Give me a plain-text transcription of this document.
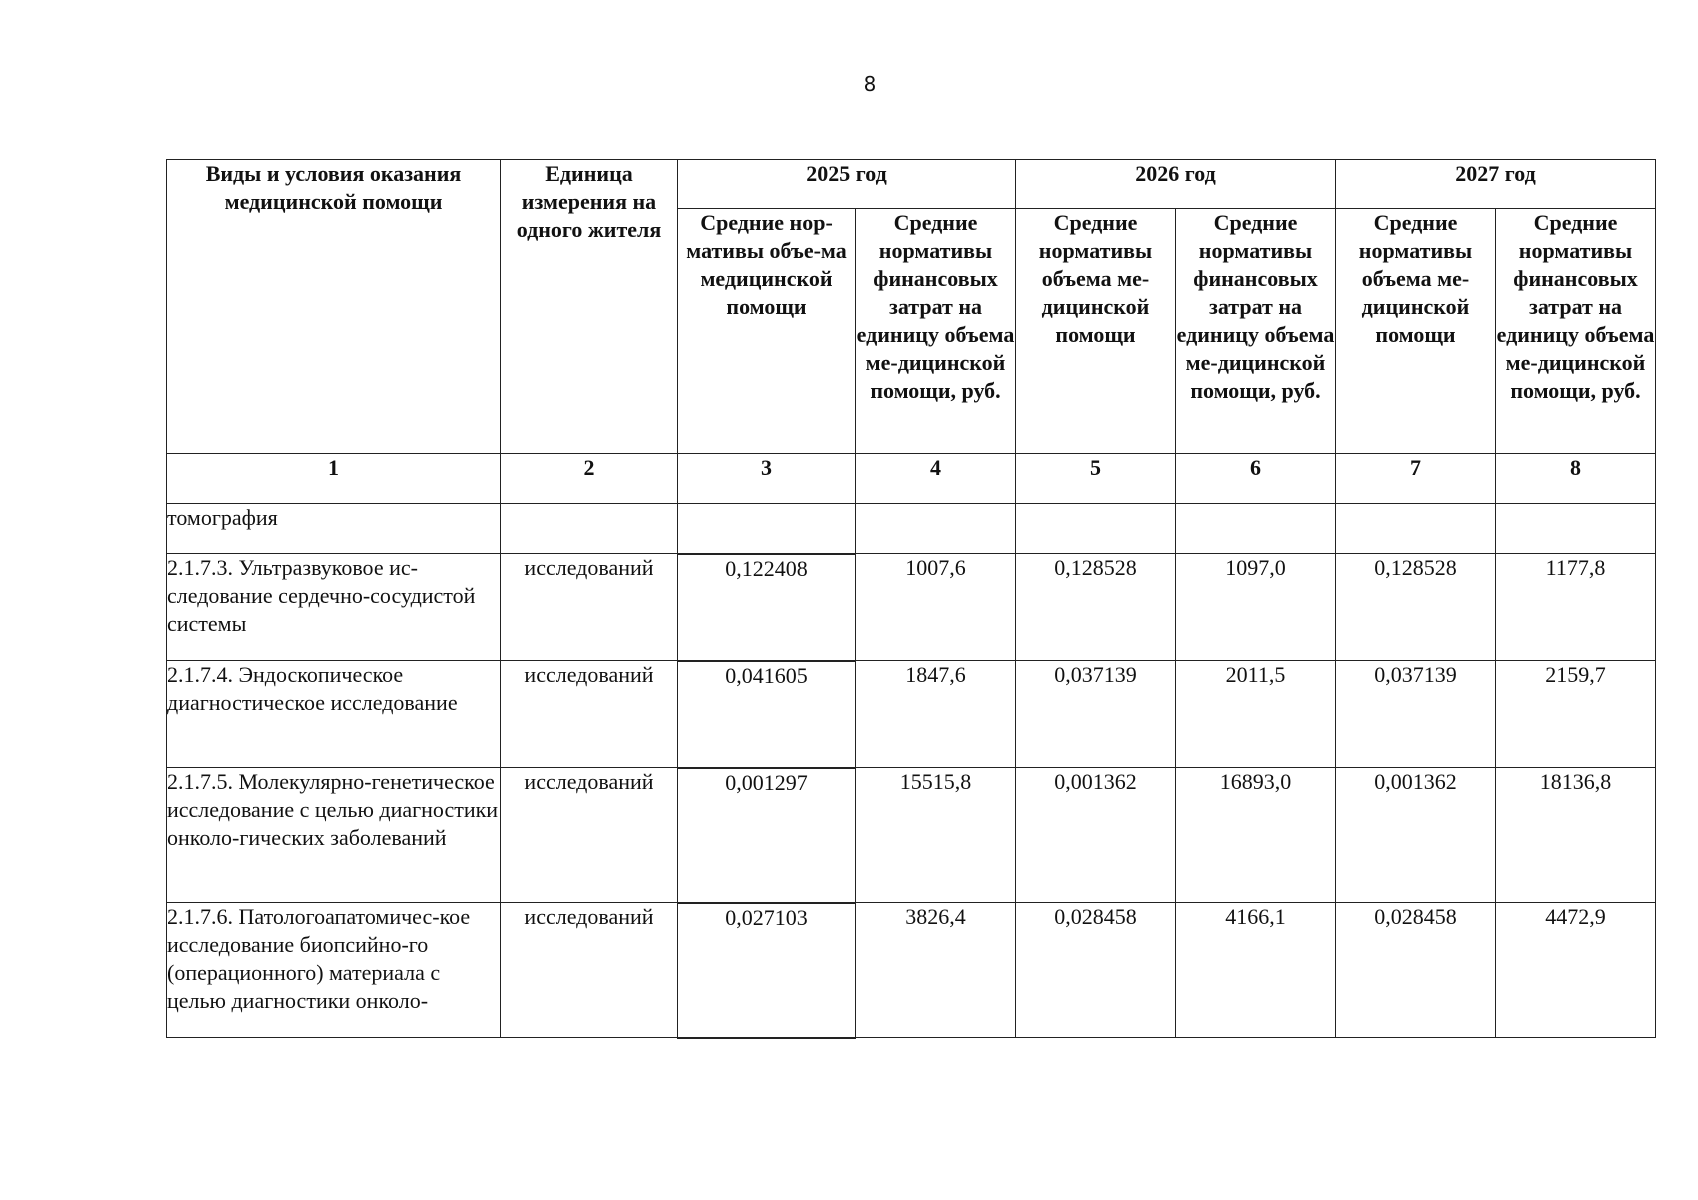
8
Виды и условия оказания медицинской помощи	Единица измерения на одного жителя	2025 год		2026 год		2027 год	
		Средние нор-мативы объе-ма медицинской помощи	Средние нормативы финансовых затрат на единицу объема ме-дицинской помощи, руб.	Средние нормативы объема ме-дицинской помощи	Средние нормативы финансовых затрат на единицу объема ме-дицинской помощи, руб.	Средние нормативы объема ме-дицинской помощи	Средние нормативы финансовых затрат на единицу объема ме-дицинской помощи, руб.
1	2	3	4	5	6	7	8
томография							
2.1.7.3. Ультразвуковое ис-следование сердечно-сосудистой системы	исследований	0,122408	1007,6	0,128528	1097,0	0,128528	1177,8
2.1.7.4. Эндоскопическое диагностическое исследование	исследований	0,041605	1847,6	0,037139	2011,5	0,037139	2159,7
2.1.7.5. Молекулярно-генетическое исследование с целью диагностики онколо-гических заболеваний	исследований	0,001297	15515,8	0,001362	16893,0	0,001362	18136,8
2.1.7.6. Патологоапатомичес-кое исследование биопсийно-го (операционного) материала с целью диагностики онколо-	исследований	0,027103	3826,4	0,028458	4166,1	0,028458	4472,9
